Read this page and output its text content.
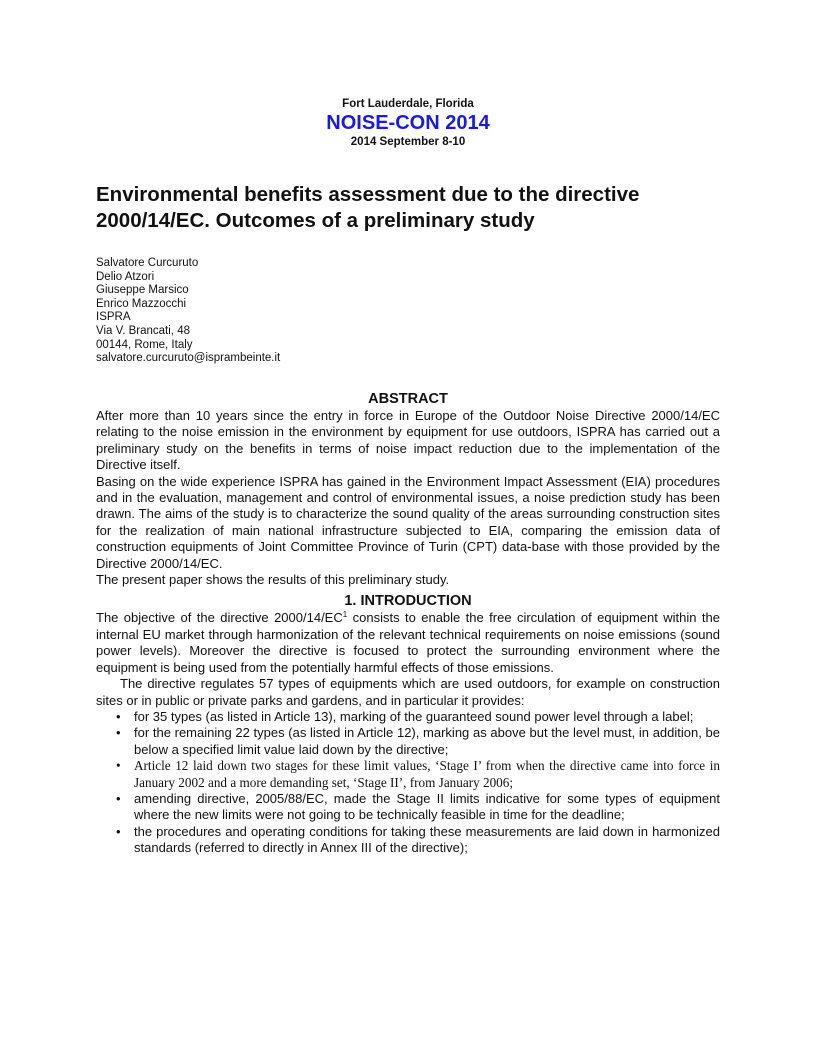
Fort Lauderdale, Florida
NOISE-CON 2014
2014 September 8-10
Environmental benefits assessment due to the directive 2000/14/EC. Outcomes of a preliminary study
Salvatore Curcuruto
Delio Atzori
Giuseppe Marsico
Enrico Mazzocchi
ISPRA
Via V. Brancati, 48
00144, Rome, Italy
salvatore.curcuruto@isprambeinte.it
ABSTRACT

After more than 10 years since the entry in force in Europe of the Outdoor Noise Directive 2000/14/EC relating to the noise emission in the environment by equipment for use outdoors, ISPRA has carried out a preliminary study on the benefits in terms of noise impact reduction due to the implementation of the Directive itself.

Basing on the wide experience ISPRA has gained in the Environment Impact Assessment (EIA) procedures and in the evaluation, management and control of environmental issues, a noise prediction study has been drawn. The aims of the study is to characterize the sound quality of the areas surrounding construction sites for the realization of main national infrastructure subjected to EIA, comparing the emission data of construction equipments of Joint Committee Province of Turin (CPT) data-base with those provided by the Directive 2000/14/EC.

The present paper shows the results of this preliminary study.

1. INTRODUCTION

The objective of the directive $2000/14/EC^1$ consists to enable the free circulation of equipment within the internal EU market through harmonization of the relevant technical requirements on noise emissions (sound power levels). Moreover the directive is focused to protect the surrounding environment where the equipment is being used from the potentially harmful effects of those emissions.

The directive regulates 57 types of equipments which are used outdoors, for example on construction sites or in public or private parks and gardens, and in particular it provides:

• for 35 types (as listed in Article 13), marking of the guaranteed sound power level through a label;
• for the remaining 22 types (as listed in Article 12), marking as above but the level must, in addition, be below a specified limit value laid down by the directive;
• Article 12 laid down two stages for these limit values, ‘Stage I’ from when the directive came into force in January 2002 and a more demanding set, ‘Stage II’, from January 2006;
• amending directive, 2005/88/EC, made the Stage II limits indicative for some types of equipment where the new limits were not going to be technically feasible in time for the deadline;
• the procedures and operating conditions for taking these measurements are laid down in harmonized standards (referred to directly in Annex III of the directive);
